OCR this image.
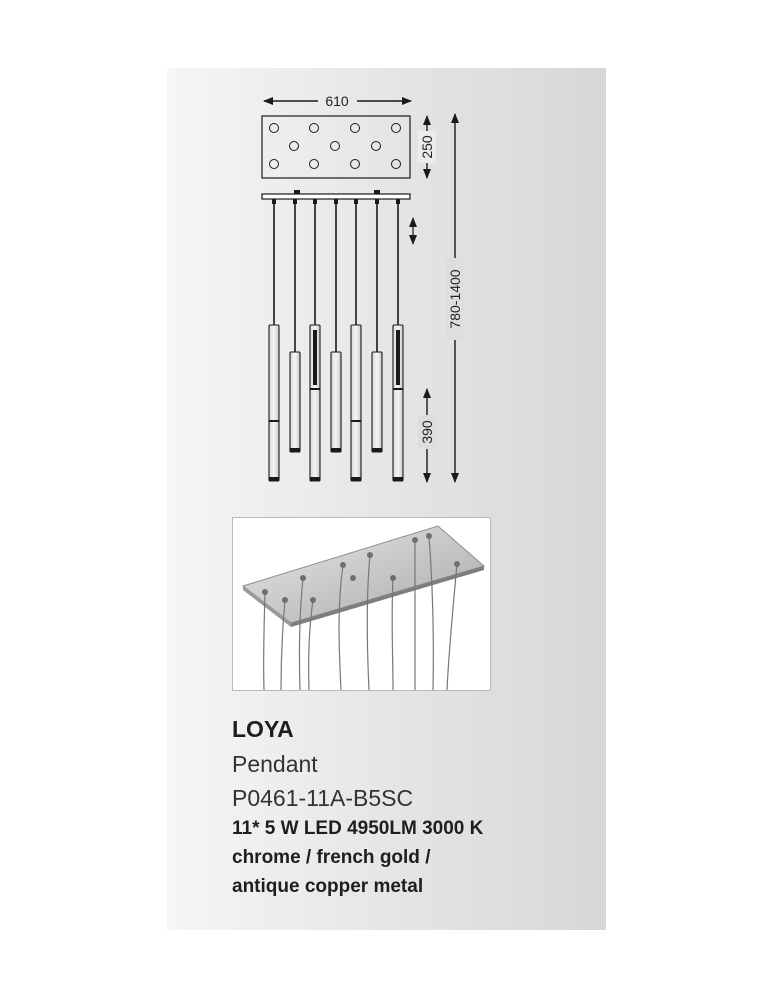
610
250
780-1400
390
LOYA
Pendant
P0461-11A-B5SC
11* 5 W LED 4950LM 3000 K
chrome / french gold /
antique copper metal
